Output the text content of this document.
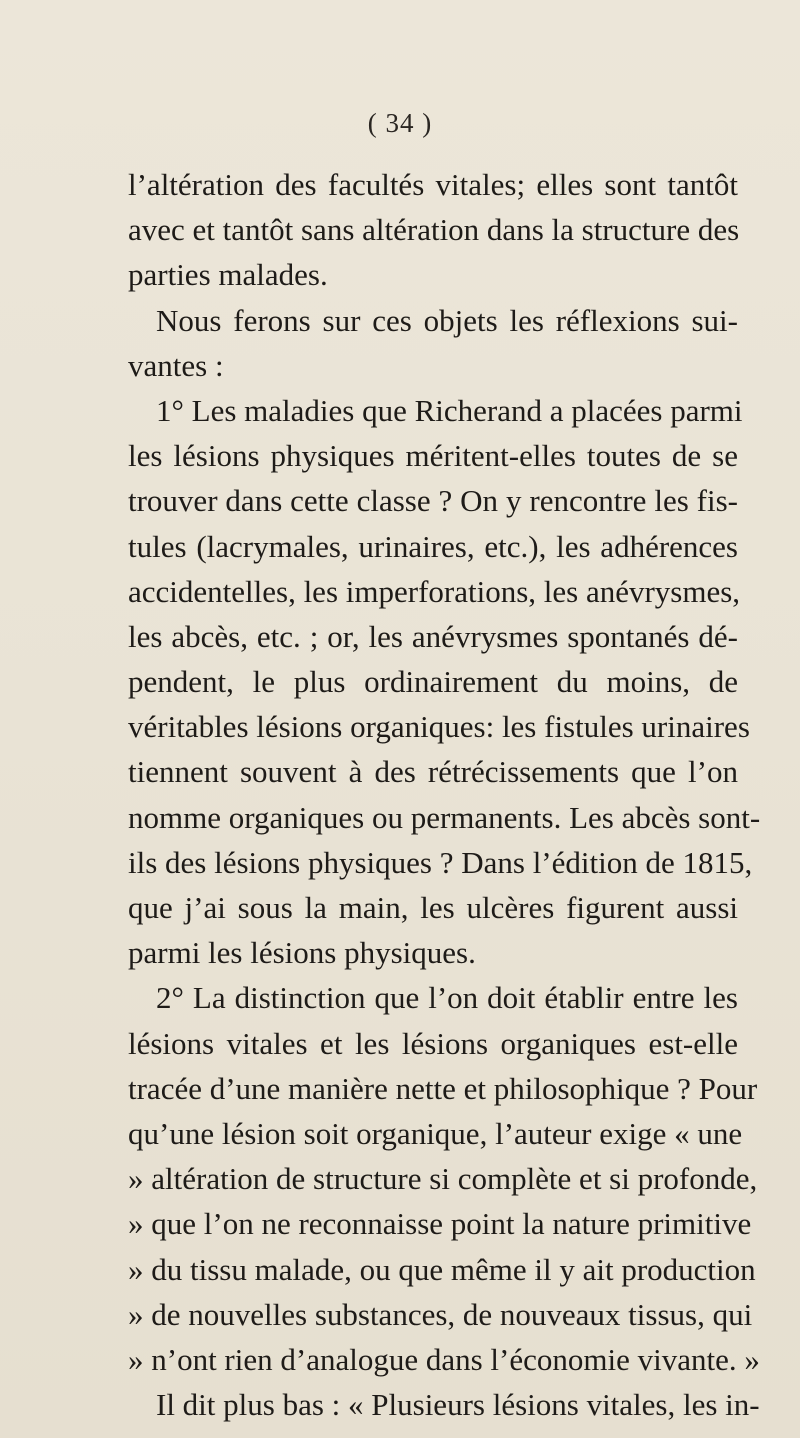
( 34 )
l’altération des facultés vitales; elles sont tantôt
avec et tantôt sans altération dans la structure des
parties malades.
Nous ferons sur ces objets les réflexions sui-
vantes :
1° Les maladies que Richerand a placées parmi
les lésions physiques méritent-elles toutes de se
trouver dans cette classe ? On y rencontre les fis-
tules (lacrymales, urinaires, etc.), les adhérences
accidentelles, les imperforations, les anévrysmes,
les abcès, etc. ; or, les anévrysmes spontanés dé-
pendent, le plus ordinairement du moins, de
véritables lésions organiques: les fistules urinaires
tiennent souvent à des rétrécissements que l’on
nomme organiques ou permanents. Les abcès sont-
ils des lésions physiques ? Dans l’édition de 1815,
que j’ai sous la main, les ulcères figurent aussi
parmi les lésions physiques.
2° La distinction que l’on doit établir entre les
lésions vitales et les lésions organiques est-elle
tracée d’une manière nette et philosophique ? Pour
qu’une lésion soit organique, l’auteur exige « une
» altération de structure si complète et si profonde,
» que l’on ne reconnaisse point la nature primitive
» du tissu malade, ou que même il y ait production
» de nouvelles substances, de nouveaux tissus, qui
» n’ont rien d’analogue dans l’économie vivante. »
Il dit plus bas : « Plusieurs lésions vitales, les in-
